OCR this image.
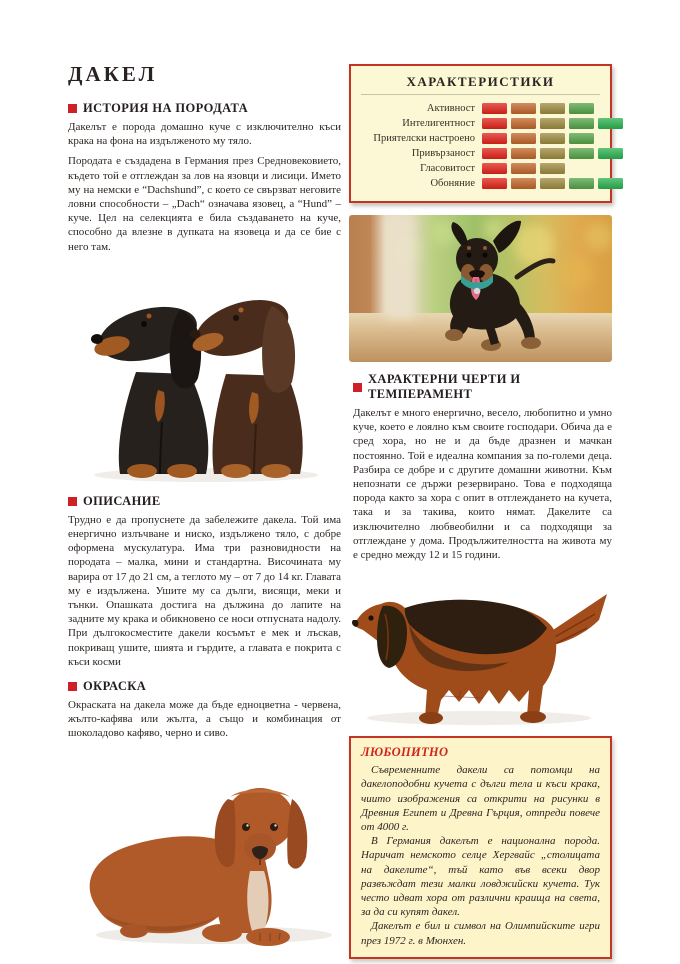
ДАКЕЛ
ИСТОРИЯ НА ПОРОДАТА

Дакелът е порода домашно куче с изключително къси крака на фона на издълженото му тяло.

Породата е създадена в Германия през Средновековието, където той е отглеждан за лов на язовци и лисици. Името му на немски е “Dachshund”, с което се свързват неговите ловни способности – „Dach“ означава язовец, а “Hund” – куче. Цел на селекцията е била създаването на куче, способно да влезне в дупката на язовеца и да се бие с него там.

ОПИСАНИЕ

Трудно е да пропуснете да забележите дакела. Той има енергично излъчване и ниско, издължено тяло, с добре оформена мускулатура. Има три разновидности на породата – малка, мини и стандартна. Височината му варира от 17 до 21 см, а теглото му – от 7 до 14 кг. Главата му е издължена. Ушите му са дълги, висящи, меки и тънки. Опашката достига на дължина до лапите на задните му крака и обикновено се носи отпусната надолу. При дългокосместите дакели косъмът е мек и лъскав, покриващ ушите, шията и гърдите, а главата е покрита с къси косми

ОКРАСКА

Окраската на дакела може да бъде едноцветна - червена, жълто-кафява или жълта, а също и комбинация от шоколадово кафяво, черно и сиво.

ХАРАКТЕРИСТИКИ
Активност
Интелигентност
Приятелски настроено
Привързаност
Гласовитост
Обоняние
ХАРАКТЕРНИ ЧЕРТИ И ТЕМПЕРАМЕНТ

Дакелът е много енергично, весело, любопитно и умно куче, което е лоялно към своите господари. Обича да е сред хора, но не и да бъде дразнен и мачкан постоянно. Той е идеална компания за по-големи деца. Разбира се добре и с другите домашни животни. Към непознати се държи резервирано. Това е подходяща порода както за хора с опит в отглеждането на кучета, така и за такива, които нямат. Дакелите са изключително любвеобилни и са подходящи за отглеждане у дома. Продължителността на живота му е средно между 12 и 15 години.

ЛЮБОПИТНО

Съвременните дакели са потомци на дакелоподобни кучета с дълги тела и къси крака, чиито изображения са открити на рисунки в Древния Египет и Древна Гърция, отпреди повече от 4000 г.

В Германия дакелът е национална порода. Наричат немското селце Хергвайс „столицата на дакелите“, тъй като във всеки двор развъждат тези малки ловджийски кучета. Тук често идват хора от различни краища на света, за да си купят дакел.

Дакелът е бил и символ на Олимпийските игри през 1972 г. в Мюнхен.
